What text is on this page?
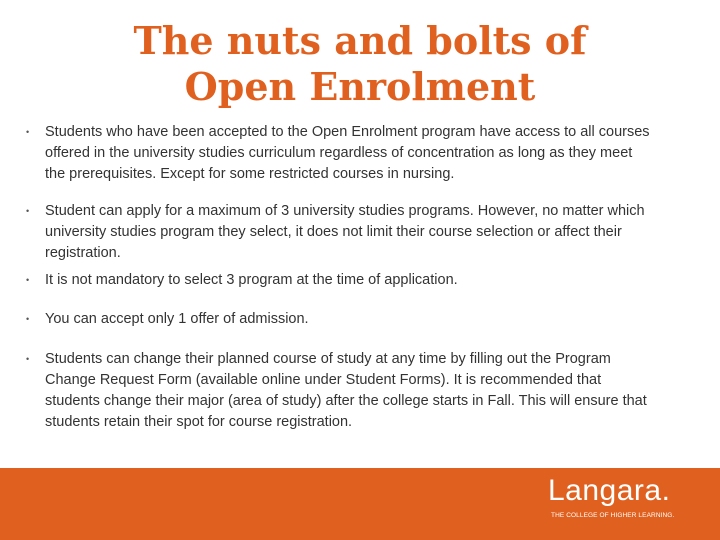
The nuts and bolts of
Open Enrolment
• Students who have been accepted to the Open Enrolment program have access to all courses offered in the university studies curriculum regardless of concentration as long as they meet the prerequisites. Except for some restricted courses in nursing.
• Student can apply for a maximum of 3 university studies programs. However, no matter which university studies program they select, it does not limit their course selection or affect their registration.
• It is not mandatory to select 3 program at the time of application.
• You can accept only 1 offer of admission.
• Students can change their planned course of study at any time by filling out the Program Change Request Form (available online under Student Forms). It is recommended that students change their major (area of study) after the college starts in Fall. This will ensure that students retain their spot for course registration.
Langara.
THE COLLEGE OF HIGHER LEARNING.
